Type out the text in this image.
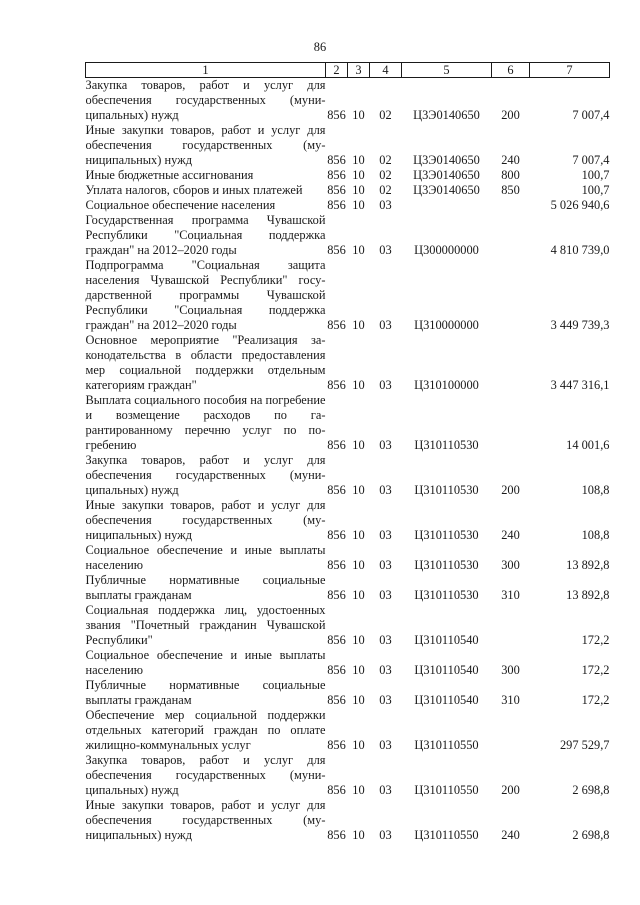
86
1	2	3	4	5	6	7
Закупка товаров, работ и услуг для обеспечения государственных (муниципальных) нужд	856	10	02	Ц3Э0140650	200	7 007,4
Иные закупки товаров, работ и услуг для обеспечения государственных (муниципальных) нужд	856	10	02	Ц3Э0140650	240	7 007,4
Иные бюджетные ассигнования	856	10	02	Ц3Э0140650	800	100,7
Уплата налогов, сборов и иных платежей	856	10	02	Ц3Э0140650	850	100,7
Социальное обеспечение населения	856	10	03			5 026 940,6
Государственная программа Чувашской Республики "Социальная поддержка граждан" на 2012–2020 годы	856	10	03	Ц300000000		4 810 739,0
Подпрограмма "Социальная защита населения Чувашской Республики" государственной программы Чувашской Республики "Социальная поддержка граждан" на 2012–2020 годы	856	10	03	Ц310000000		3 449 739,3
Основное мероприятие "Реализация законодательства в области предоставления мер социальной поддержки отдельным категориям граждан"	856	10	03	Ц310100000		3 447 316,1
Выплата социального пособия на погребение и возмещение расходов по гарантированному перечню услуг по погребению	856	10	03	Ц310110530		14 001,6
Закупка товаров, работ и услуг для обеспечения государственных (муниципальных) нужд	856	10	03	Ц310110530	200	108,8
Иные закупки товаров, работ и услуг для обеспечения государственных (муниципальных) нужд	856	10	03	Ц310110530	240	108,8
Социальное обеспечение и иные выплаты населению	856	10	03	Ц310110530	300	13 892,8
Публичные нормативные социальные выплаты гражданам	856	10	03	Ц310110530	310	13 892,8
Социальная поддержка лиц, удостоенных звания "Почетный гражданин Чувашской Республики"	856	10	03	Ц310110540		172,2
Социальное обеспечение и иные выплаты населению	856	10	03	Ц310110540	300	172,2
Публичные нормативные социальные выплаты гражданам	856	10	03	Ц310110540	310	172,2
Обеспечение мер социальной поддержки отдельных категорий граждан по оплате жилищно-коммунальных услуг	856	10	03	Ц310110550		297 529,7
Закупка товаров, работ и услуг для обеспечения государственных (муниципальных) нужд	856	10	03	Ц310110550	200	2 698,8
Иные закупки товаров, работ и услуг для обеспечения государственных (муниципальных) нужд	856	10	03	Ц310110550	240	2 698,8
